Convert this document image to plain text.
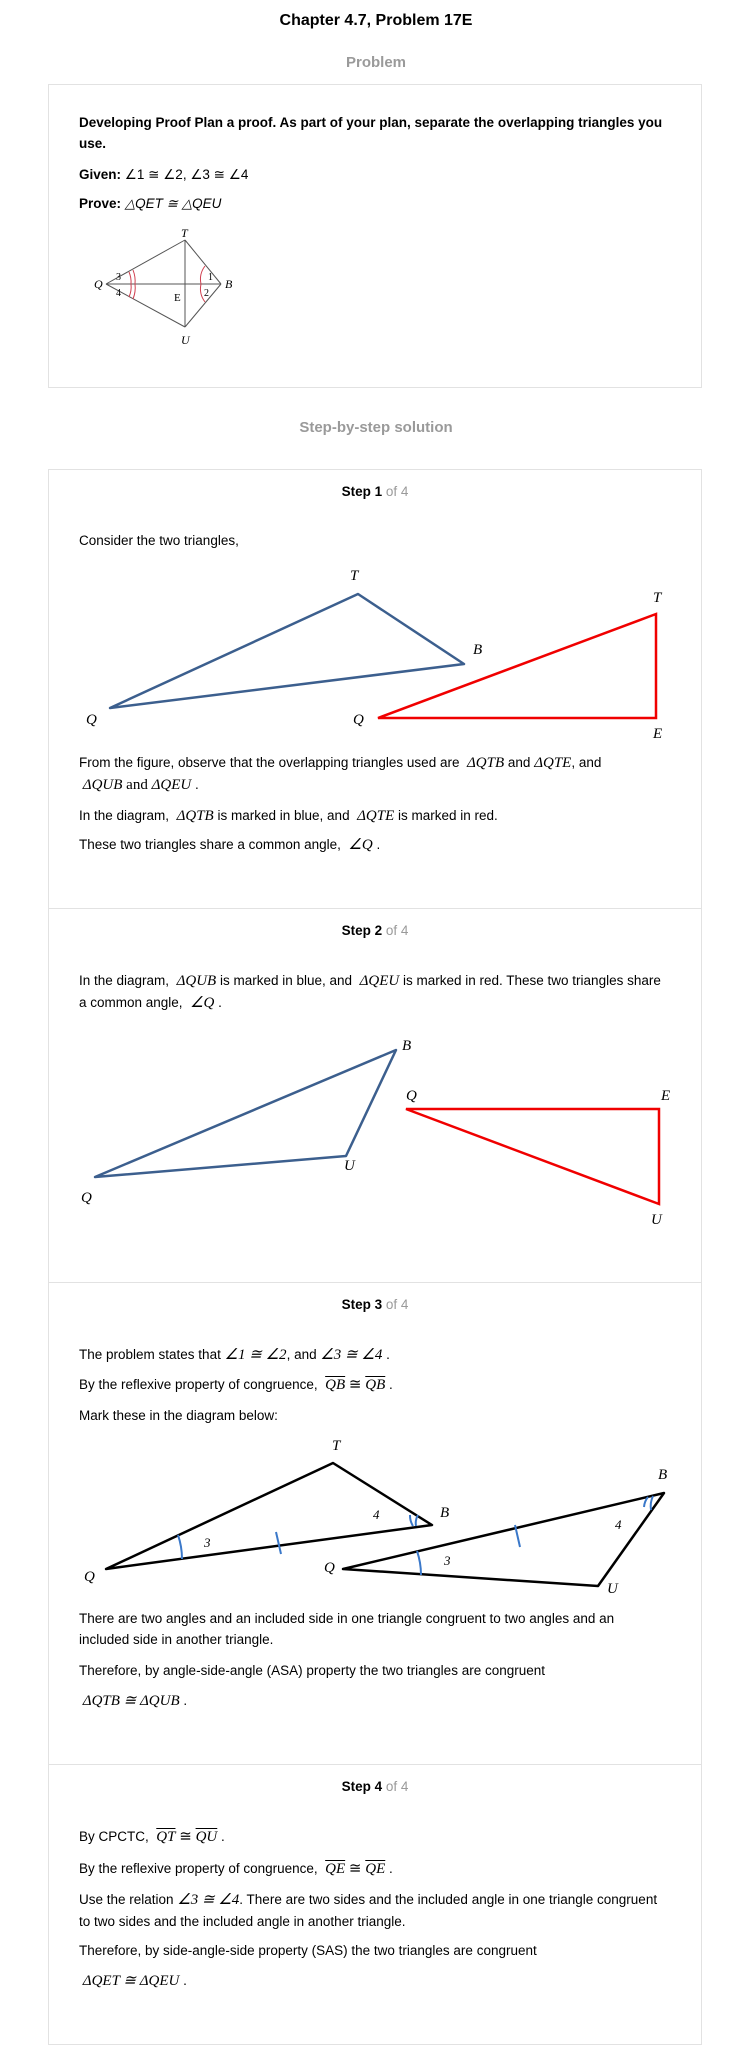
Chapter 4.7, Problem 17E
Problem
Developing Proof Plan a proof. As part of your plan, separate the overlapping triangles you use.
Given: ∠1 ≅ ∠2, ∠3 ≅ ∠4
Prove: △QET ≅ △QEU
T
Q	B
E
U
3
4
1
2
Step-by-step solution
Step 1 of 4
Consider the two triangles,
T
Q
B
T
Q
E
From the figure, observe that the overlapping triangles used are ΔQTB and ΔQTE, and
ΔQUB and ΔQEU .
In the diagram, ΔQTB is marked in blue, and ΔQTE is marked in red.
These two triangles share a common angle, ∠Q .
Step 2 of 4
In the diagram, ΔQUB is marked in blue, and ΔQEU is marked in red. These two triangles share a common angle, ∠Q .
B
U
Q
Q	E
U
Step 3 of 4
The problem states that ∠1 ≅ ∠2, and ∠3 ≅ ∠4 .
By the reflexive property of congruence, $\overline{QB}$ ≅ $\overline{QB}$ .
Mark these in the diagram below:
T
Q
B
3
4
Q
B
U
3
4
There are two angles and an included side in one triangle congruent to two angles and an included side in another triangle.
Therefore, by angle-side-angle (ASA) property the two triangles are congruent
ΔQTB ≅ ΔQUB .
Step 4 of 4
By CPCTC, $\overline{QT}$ ≅ $\overline{QU}$ .
By the reflexive property of congruence, $\overline{QE}$ ≅ $\overline{QE}$ .
Use the relation ∠3 ≅ ∠4. There are two sides and the included angle in one triangle congruent to two sides and the included angle in another triangle.
Therefore, by side-angle-side property (SAS) the two triangles are congruent
ΔQET ≅ ΔQEU .
